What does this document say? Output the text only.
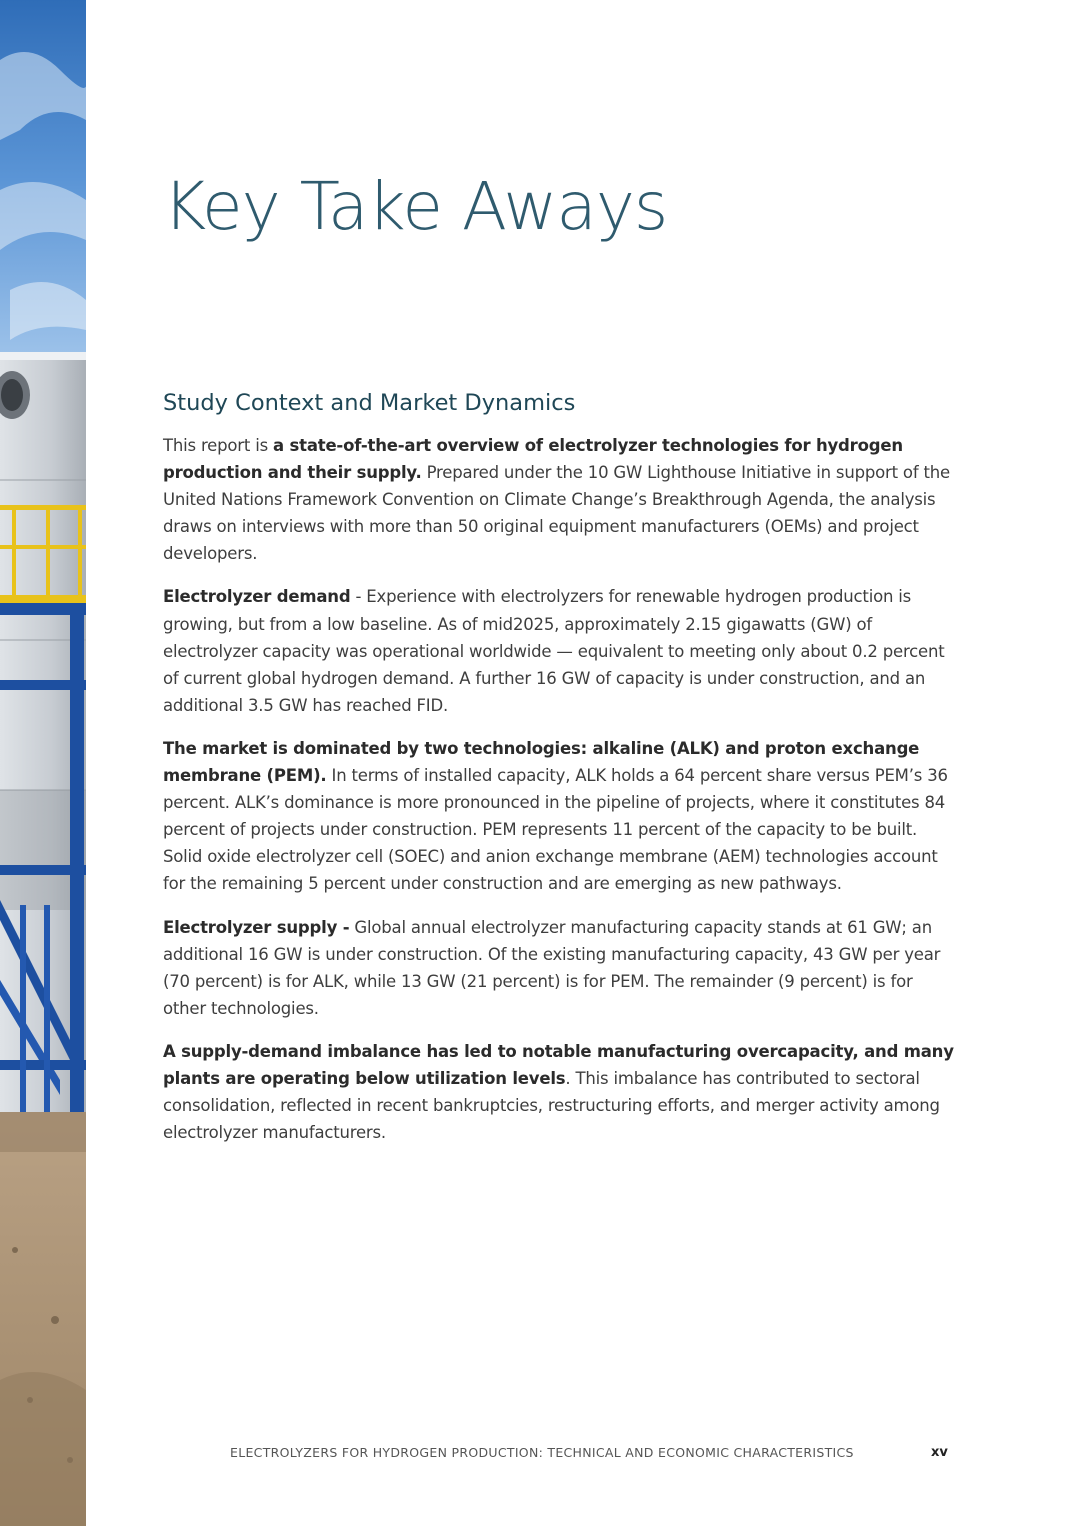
Key Take Aways
Study Context and Market Dynamics

This report is a state-of-the-art overview of electrolyzer technologies for hydrogen production and their supply. Prepared under the 10 GW Lighthouse Initiative in support of the United Nations Framework Convention on Climate Change’s Breakthrough Agenda, the analysis draws on interviews with more than 50 original equipment manufacturers (OEMs) and project developers.

Electrolyzer demand - Experience with electrolyzers for renewable hydrogen production is growing, but from a low baseline. As of mid2025, approximately 2.15 gigawatts (GW) of electrolyzer capacity was operational worldwide — equivalent to meeting only about 0.2 percent of current global hydrogen demand. A further 16 GW of capacity is under construction, and an additional 3.5 GW has reached FID.

The market is dominated by two technologies: alkaline (ALK) and proton exchange membrane (PEM). In terms of installed capacity, ALK holds a 64 percent share versus PEM’s 36 percent. ALK’s dominance is more pronounced in the pipeline of projects, where it constitutes 84 percent of projects under construction. PEM represents 11 percent of the capacity to be built. Solid oxide electrolyzer cell (SOEC) and anion exchange membrane (AEM) technologies account for the remaining 5 percent under construction and are emerging as new pathways.

Electrolyzer supply - Global annual electrolyzer manufacturing capacity stands at 61 GW; an additional 16 GW is under construction. Of the existing manufacturing capacity, 43 GW per year (70 percent) is for ALK, while 13 GW (21 percent) is for PEM. The remainder (9 percent) is for other technologies.

A supply-demand imbalance has led to notable manufacturing overcapacity, and many plants are operating below utilization levels. This imbalance has contributed to sectoral consolidation, reflected in recent bankruptcies, restructuring efforts, and merger activity among electrolyzer manufacturers.

ELECTROLYZERS FOR HYDROGEN PRODUCTION: TECHNICAL AND ECONOMIC CHARACTERISTICS	xv
